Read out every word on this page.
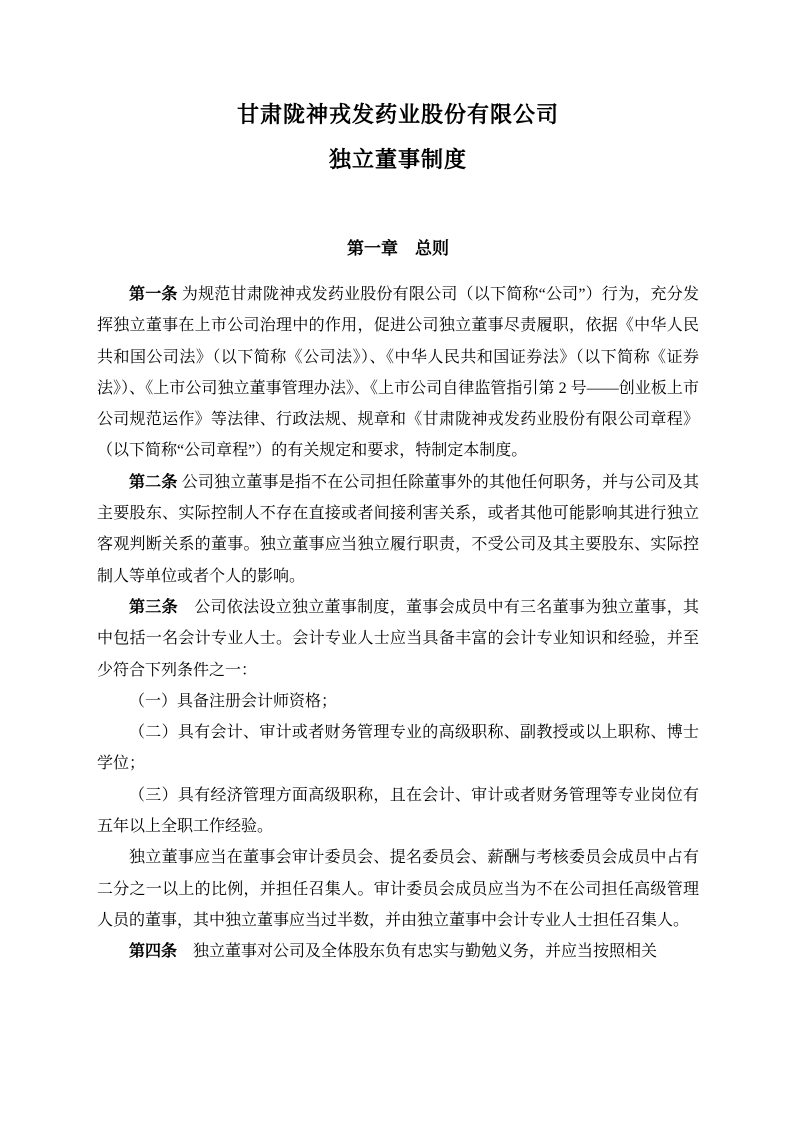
甘肃陇神戎发药业股份有限公司
独立董事制度
第一章　总则

第一条 为规范甘肃陇神戎发药业股份有限公司（以下简称“公司”）行为，充分发挥独立董事在上市公司治理中的作用，促进公司独立董事尽责履职，依据《中华人民共和国公司法》（以下简称《公司法》）、《中华人民共和国证券法》（以下简称《证券法》）、《上市公司独立董事管理办法》、《上市公司自律监管指引第 2 号——创业板上市公司规范运作》等法律、行政法规、规章和《甘肃陇神戎发药业股份有限公司章程》（以下简称“公司章程”）的有关规定和要求，特制定本制度。

第二条 公司独立董事是指不在公司担任除董事外的其他任何职务，并与公司及其主要股东、实际控制人不存在直接或者间接利害关系，或者其他可能影响其进行独立客观判断关系的董事。独立董事应当独立履行职责，不受公司及其主要股东、实际控制人等单位或者个人的影响。

第三条　公司依法设立独立董事制度，董事会成员中有三名董事为独立董事，其中包括一名会计专业人士。会计专业人士应当具备丰富的会计专业知识和经验，并至少符合下列条件之一：

（一）具备注册会计师资格；

（二）具有会计、审计或者财务管理专业的高级职称、副教授或以上职称、博士学位；

（三）具有经济管理方面高级职称，且在会计、审计或者财务管理等专业岗位有五年以上全职工作经验。

独立董事应当在董事会审计委员会、提名委员会、薪酬与考核委员会成员中占有二分之一以上的比例，并担任召集人。审计委员会成员应当为不在公司担任高级管理人员的董事，其中独立董事应当过半数，并由独立董事中会计专业人士担任召集人。

第四条　独立董事对公司及全体股东负有忠实与勤勉义务，并应当按照相关
